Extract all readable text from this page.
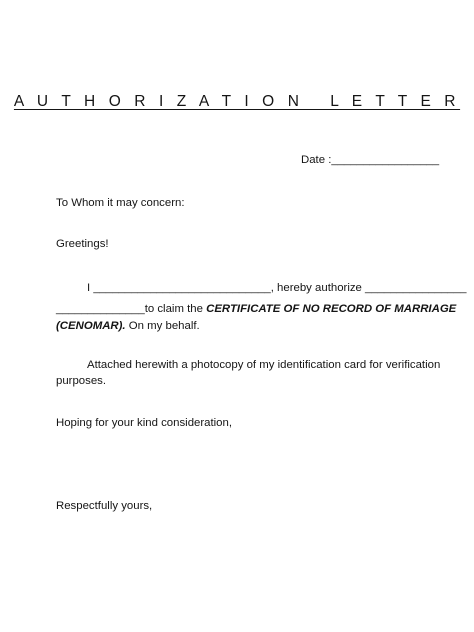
A U T H O R I Z A T I O N   L E T T E R
Date :_________________
To Whom it may concern:
Greetings!
I ____________________________, hereby authorize ________________
______________to claim the CERTIFICATE OF NO RECORD OF MARRIAGE
(CENOMAR). On my behalf.
Attached herewith a photocopy of my identification card for verification
purposes.
Hoping for your kind consideration,
Respectfully yours,
